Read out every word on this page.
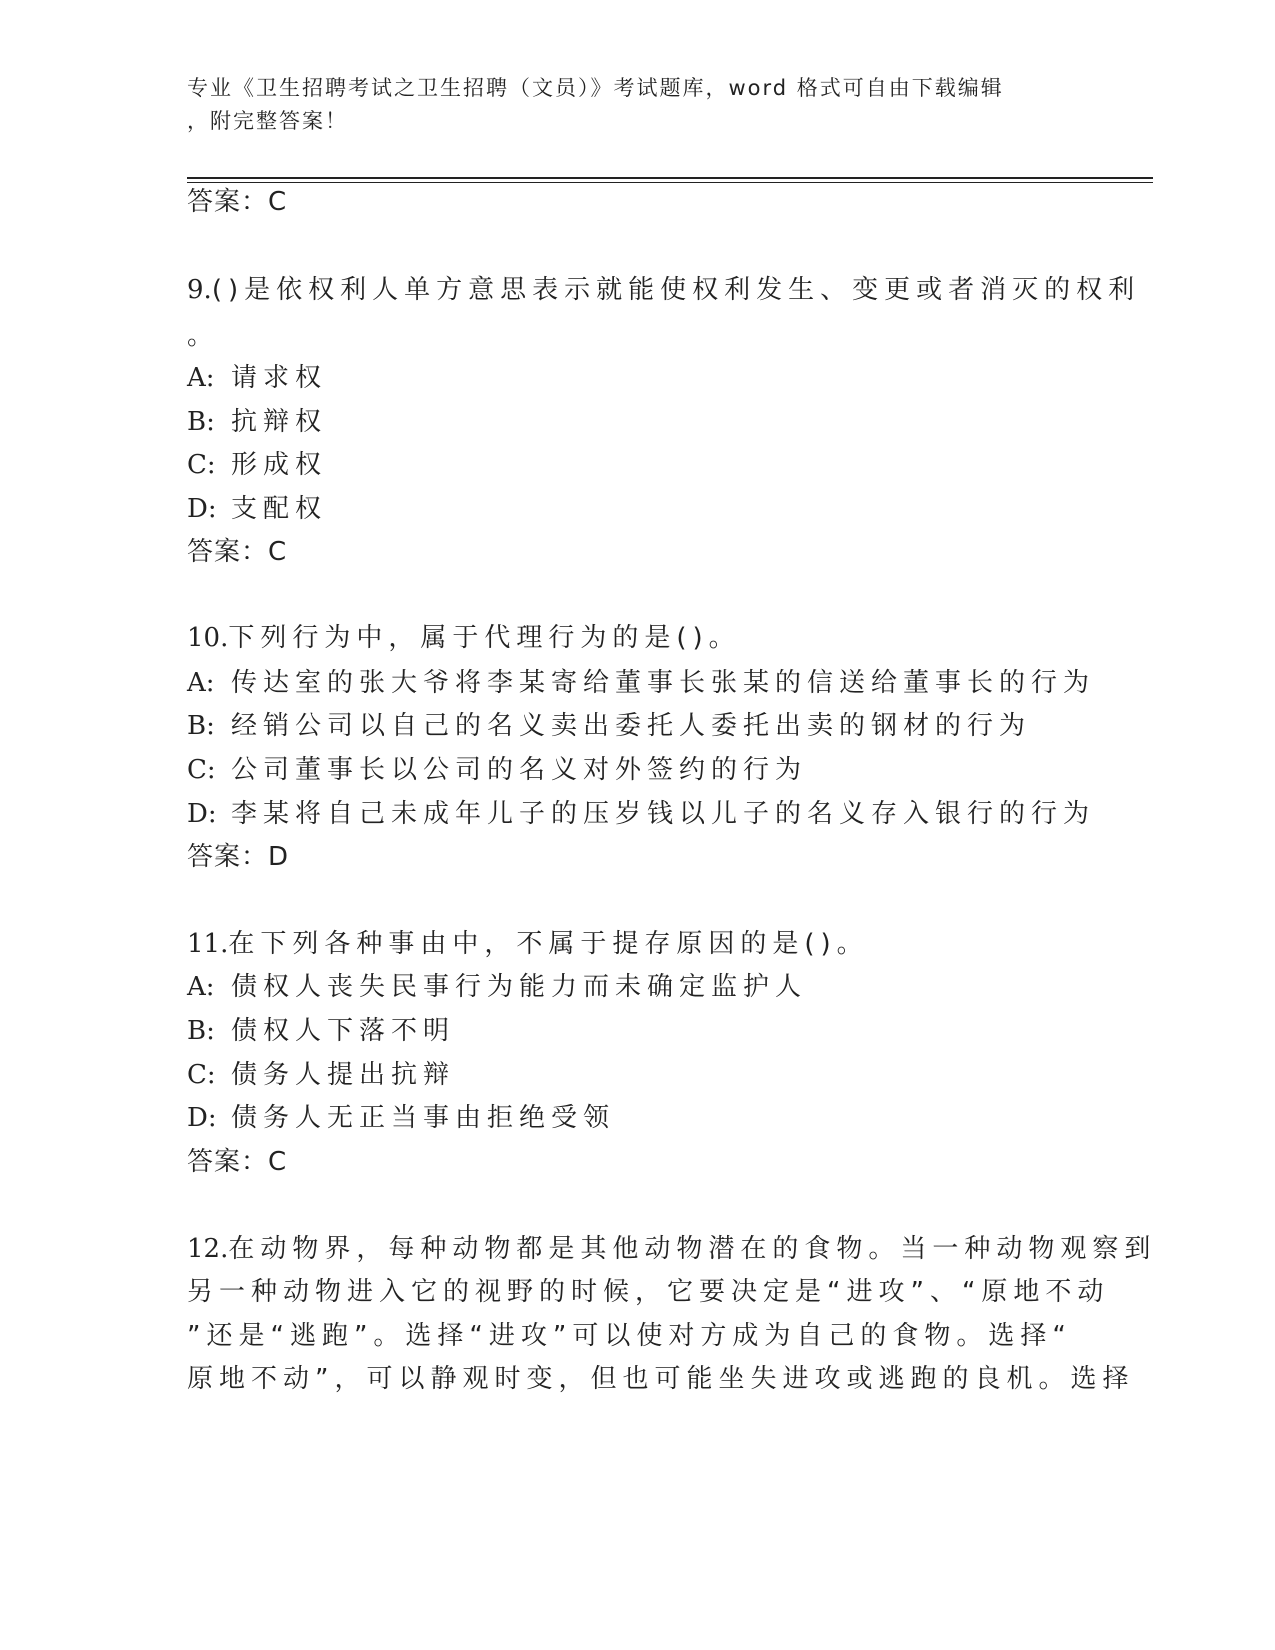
专业《卫生招聘考试之卫生招聘（文员）》考试题库，word 格式可自由下载编辑
，附完整答案！
答案：C
9.()是依权利人单方意思表示就能使权利发生、变更或者消灭的权利
。
A: 请求权
B: 抗辩权
C: 形成权
D: 支配权
答案：C
10.下列行为中，属于代理行为的是()。
A: 传达室的张大爷将李某寄给董事长张某的信送给董事长的行为
B: 经销公司以自己的名义卖出委托人委托出卖的钢材的行为
C: 公司董事长以公司的名义对外签约的行为
D: 李某将自己未成年儿子的压岁钱以儿子的名义存入银行的行为
答案：D
11.在下列各种事由中，不属于提存原因的是()。
A: 债权人丧失民事行为能力而未确定监护人
B: 债权人下落不明
C: 债务人提出抗辩
D: 债务人无正当事由拒绝受领
答案：C
12.在动物界，每种动物都是其他动物潜在的食物。当一种动物观察到
另一种动物进入它的视野的时候，它要决定是“进攻”、“原地不动
”还是“逃跑”。选择“进攻”可以使对方成为自己的食物。选择“
原地不动”，可以静观时变，但也可能坐失进攻或逃跑的良机。选择
